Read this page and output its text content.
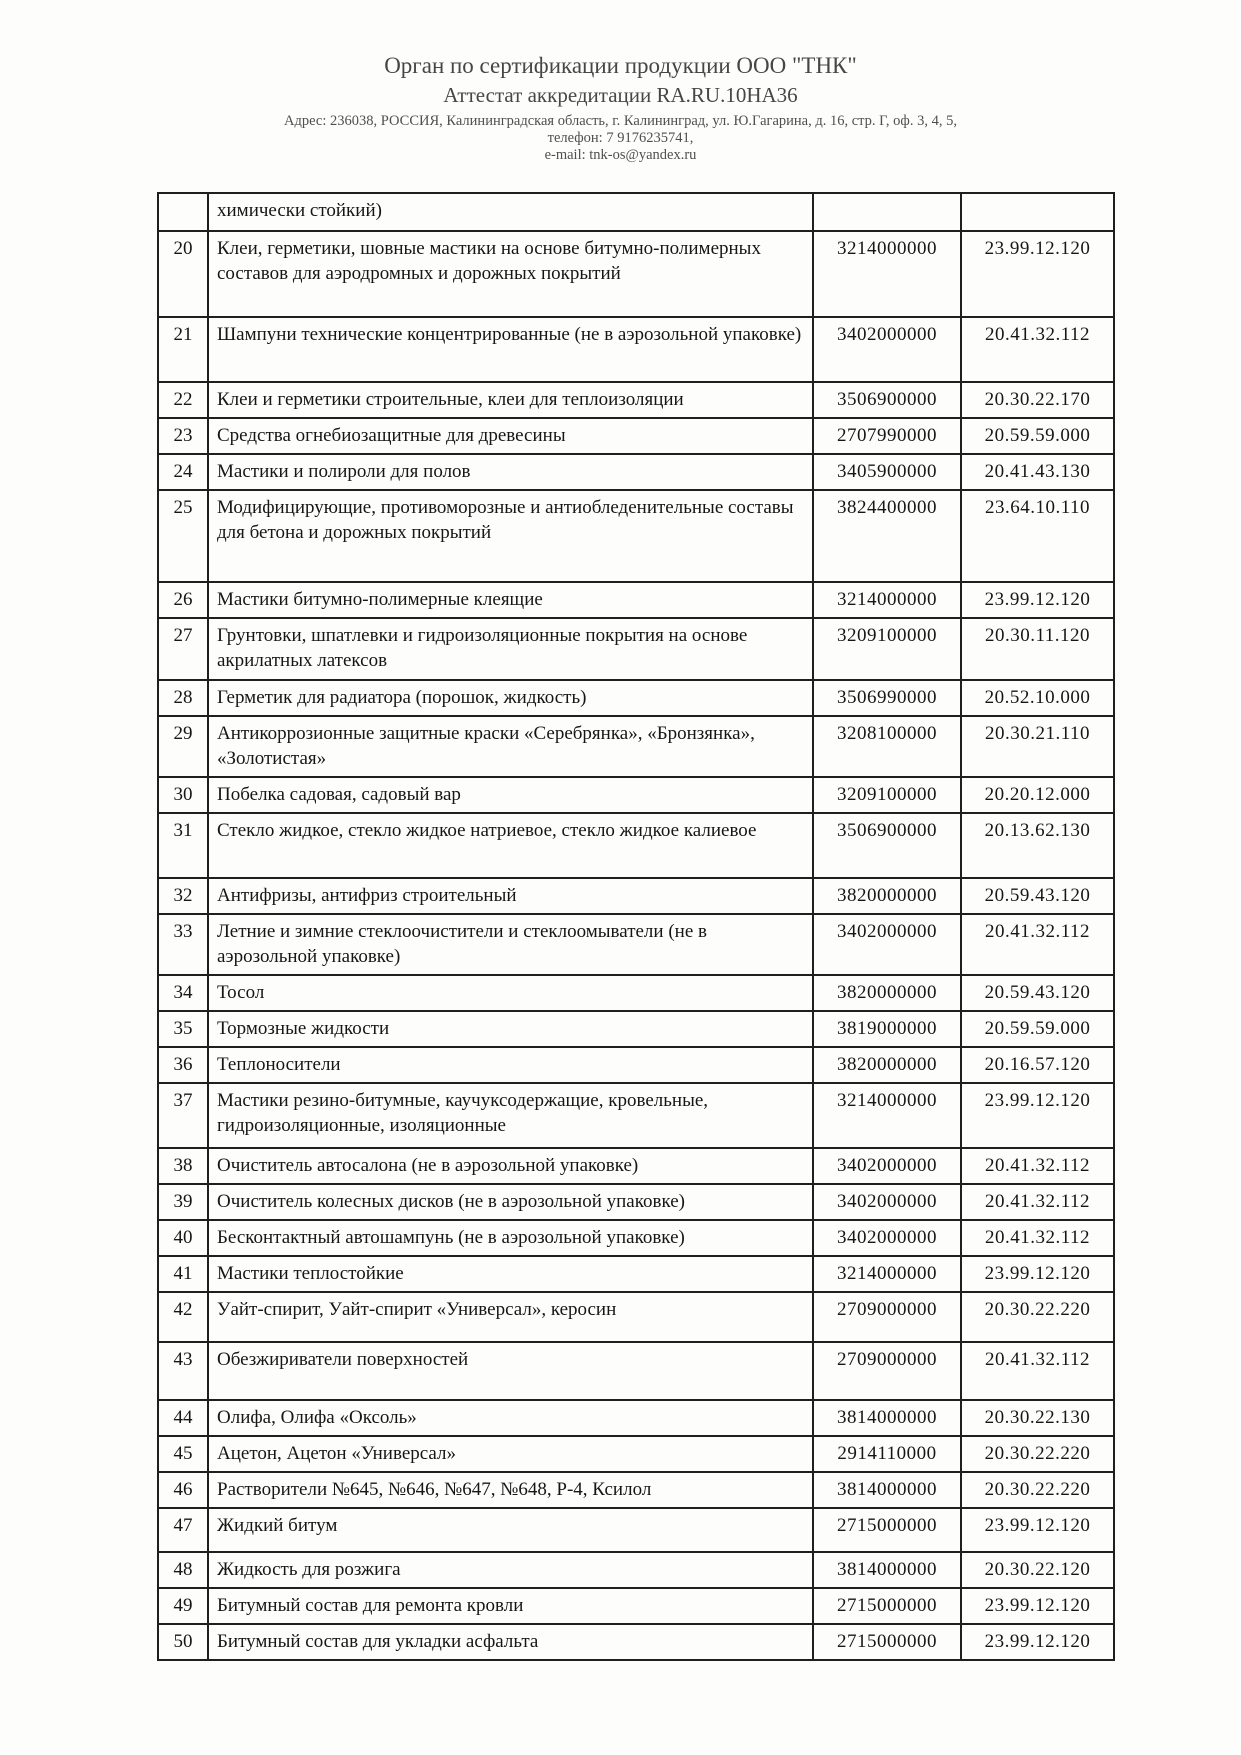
Орган по сертификации продукции ООО "ТНК"
Аттестат аккредитации RA.RU.10НА36
Адрес: 236038, РОССИЯ, Калининградская область, г. Калининград, ул. Ю.Гагарина, д. 16, стр. Г, оф. 3, 4, 5,
телефон: 7 9176235741,
e-mail: tnk-os@yandex.ru
	химически стойкий)		
20	Клеи, герметики, шовные мастики на основе битумно-полимерных составов для аэродромных и дорожных покрытий	3214000000	23.99.12.120
21	Шампуни технические концентрированные (не в аэрозольной упаковке)	3402000000	20.41.32.112
22	Клеи и герметики строительные, клеи для теплоизоляции	3506900000	20.30.22.170
23	Средства огнебиозащитные для древесины	2707990000	20.59.59.000
24	Мастики и полироли для полов	3405900000	20.41.43.130
25	Модифицирующие, противоморозные и антиобледенительные составы для бетона и дорожных покрытий	3824400000	23.64.10.110
26	Мастики битумно-полимерные клеящие	3214000000	23.99.12.120
27	Грунтовки, шпатлевки и гидроизоляционные покрытия на основе акрилатных латексов	3209100000	20.30.11.120
28	Герметик для радиатора (порошок, жидкость)	3506990000	20.52.10.000
29	Антикоррозионные защитные краски «Серебрянка», «Бронзянка», «Золотистая»	3208100000	20.30.21.110
30	Побелка садовая, садовый вар	3209100000	20.20.12.000
31	Стекло жидкое, стекло жидкое натриевое, стекло жидкое калиевое	3506900000	20.13.62.130
32	Антифризы, антифриз строительный	3820000000	20.59.43.120
33	Летние и зимние стеклоочистители и стеклоомыватели (не в аэрозольной упаковке)	3402000000	20.41.32.112
34	Тосол	3820000000	20.59.43.120
35	Тормозные жидкости	3819000000	20.59.59.000
36	Теплоносители	3820000000	20.16.57.120
37	Мастики резино-битумные, каучуксодержащие, кровельные, гидроизоляционные, изоляционные	3214000000	23.99.12.120
38	Очиститель автосалона (не в аэрозольной упаковке)	3402000000	20.41.32.112
39	Очиститель колесных дисков (не в аэрозольной упаковке)	3402000000	20.41.32.112
40	Бесконтактный автошампунь (не в аэрозольной упаковке)	3402000000	20.41.32.112
41	Мастики теплостойкие	3214000000	23.99.12.120
42	Уайт-спирит, Уайт-спирит «Универсал», керосин	2709000000	20.30.22.220
43	Обезжириватели поверхностей	2709000000	20.41.32.112
44	Олифа, Олифа «Оксоль»	3814000000	20.30.22.130
45	Ацетон, Ацетон «Универсал»	2914110000	20.30.22.220
46	Растворители №645, №646, №647, №648, Р-4, Ксилол	3814000000	20.30.22.220
47	Жидкий битум	2715000000	23.99.12.120
48	Жидкость для розжига	3814000000	20.30.22.120
49	Битумный состав для ремонта кровли	2715000000	23.99.12.120
50	Битумный состав для укладки асфальта	2715000000	23.99.12.120
